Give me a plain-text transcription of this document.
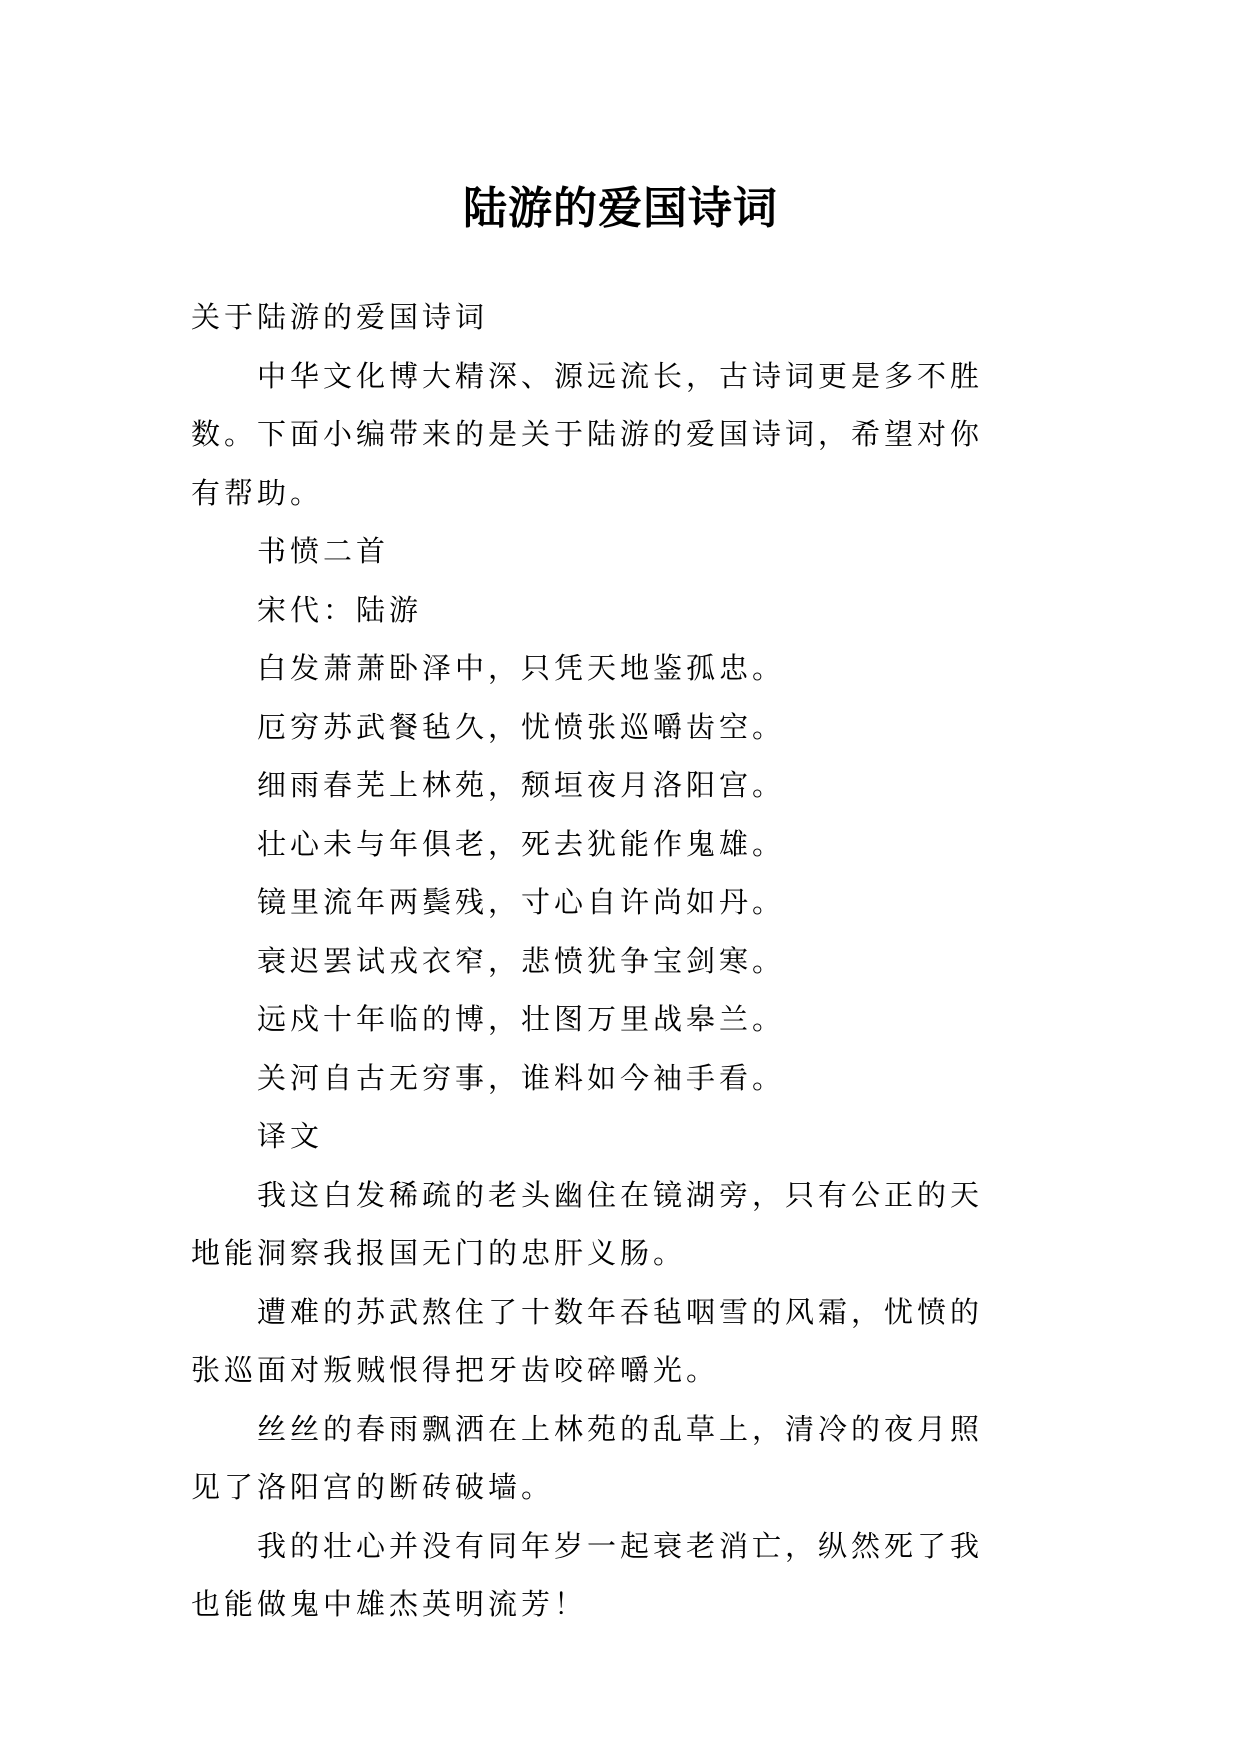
陆游的爱国诗词

关于陆游的爱国诗词

中华文化博大精深、源远流长，古诗词更是多不胜数。下面小编带来的是关于陆游的爱国诗词，希望对你有帮助。

书愤二首

宋代：陆游

白发萧萧卧泽中，只凭天地鉴孤忠。

厄穷苏武餐毡久，忧愤张巡嚼齿空。

细雨春芜上林苑，颓垣夜月洛阳宫。

壮心未与年俱老，死去犹能作鬼雄。

镜里流年两鬓残，寸心自许尚如丹。

衰迟罢试戎衣窄，悲愤犹争宝剑寒。

远戍十年临的博，壮图万里战皋兰。

关河自古无穷事，谁料如今袖手看。

译文

我这白发稀疏的老头幽住在镜湖旁，只有公正的天地能洞察我报国无门的忠肝义肠。

遭难的苏武熬住了十数年吞毡咽雪的风霜，忧愤的张巡面对叛贼恨得把牙齿咬碎嚼光。

丝丝的春雨飘洒在上林苑的乱草上，清冷的夜月照见了洛阳宫的断砖破墙。

我的壮心并没有同年岁一起衰老消亡，纵然死了我也能做鬼中雄杰英明流芳！
